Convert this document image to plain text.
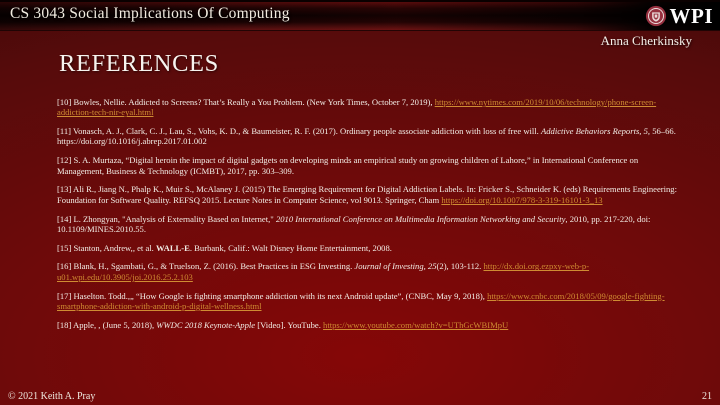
CS 3043 Social Implications Of Computing	WPI
Anna Cherkinsky
REFERENCES

[10] Bowles, Nellie. Addicted to Screens? That’s Really a You Problem. (New York Times, October 7, 2019), https://www.nytimes.com/2019/10/06/technology/phone-screen-addiction-tech-nir-eyal.html

[11] Vonasch, A. J., Clark, C. J., Lau, S., Vohs, K. D., & Baumeister, R. F. (2017). Ordinary people associate addiction with loss of free will. Addictive Behaviors Reports, 5, 56–66. https://doi.org/10.1016/j.abrep.2017.01.002

[12] S. A. Murtaza, “Digital heroin the impact of digital gadgets on developing minds an empirical study on growing children of Lahore,” in International Conference on Management, Business & Technology (ICMBT), 2017, pp. 303–309.

[13] Ali R., Jiang N., Phalp K., Muir S., McAlaney J. (2015) The Emerging Requirement for Digital Addiction Labels. In: Fricker S., Schneider K. (eds) Requirements Engineering: Foundation for Software Quality. REFSQ 2015. Lecture Notes in Computer Science, vol 9013. Springer, Cham https://doi.org/10.1007/978-3-319-16101-3_13

[14] L. Zhongyan, "Analysis of Externality Based on Internet," 2010 International Conference on Multimedia Information Networking and Security, 2010, pp. 217-220, doi: 10.1109/MINES.2010.55.

[15] Stanton, Andrew,, et al. WALL-E. Burbank, Calif.: Walt Disney Home Entertainment, 2008.

[16] Blank, H., Sgambati, G., & Truelson, Z. (2016). Best Practices in ESG Investing. Journal of Investing, 25(2), 103-112. http://dx.doi.org.ezpxy-web-p-u01.wpi.edu/10.3905/joi.2016.25.2.103

[17] Haselton. Todd.,„ “How Google is fighting smartphone addiction with its next Android update”, (CNBC, May 9, 2018), https://www.cnbc.com/2018/05/09/google-fighting-smartphone-addiction-with-android-p-digital-wellness.html

[18] Apple, , (June 5, 2018), WWDC 2018 Keynote-Apple [Video]. YouTube. https://www.youtube.com/watch?v=UThGcWBIMpU

© 2021 Keith A. Pray	21
